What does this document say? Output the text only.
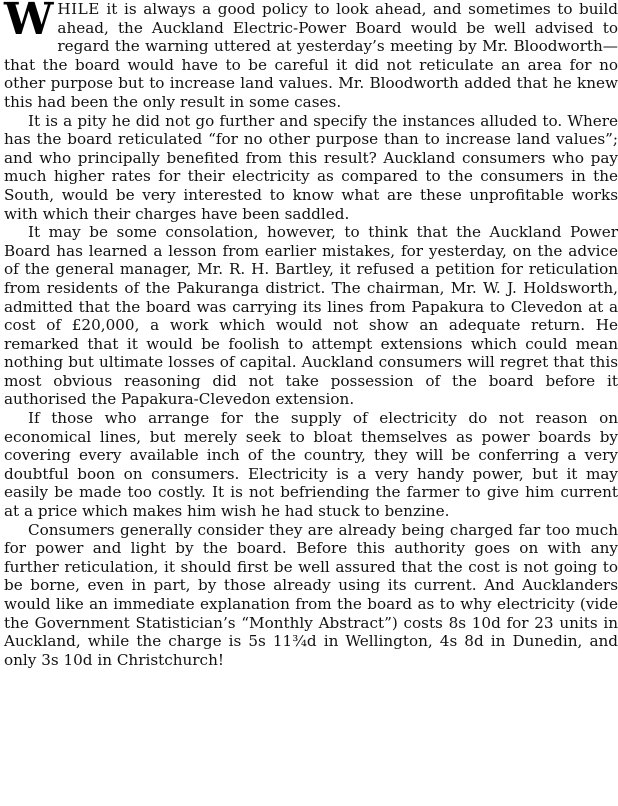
WHILE it is always a good policy to look ahead, and sometimes to build ahead, the Auckland Electric-Power Board would be well advised to regard the warning uttered at yesterday’s meeting by Mr. Bloodworth—that the board would have to be careful it did not reticulate an area for no other purpose but to increase land values. Mr. Bloodworth added that he knew this had been the only result in some cases.

It is a pity he did not go further and specify the instances alluded to. Where has the board reticulated “for no other purpose than to increase land values”; and who principally benefited from this result? Auckland consumers who pay much higher rates for their electricity as compared to the consumers in the South, would be very interested to know what are these unprofitable works with which their charges have been saddled.

It may be some consolation, however, to think that the Auckland Power Board has learned a lesson from earlier mistakes, for yesterday, on the advice of the general manager, Mr. R. H. Bartley, it refused a petition for reticulation from residents of the Pakuranga district. The chairman, Mr. W. J. Holdsworth, admitted that the board was carrying its lines from Papakura to Clevedon at a cost of £20,000, a work which would not show an adequate return. He remarked that it would be foolish to attempt extensions which could mean nothing but ultimate losses of capital. Auckland consumers will regret that this most obvious reasoning did not take possession of the board before it authorised the Papakura-Clevedon extension.

If those who arrange for the supply of electricity do not reason on economical lines, but merely seek to bloat themselves as power boards by covering every available inch of the country, they will be conferring a very doubtful boon on consumers. Electricity is a very handy power, but it may easily be made too costly. It is not befriending the farmer to give him current at a price which makes him wish he had stuck to benzine.

Consumers generally consider they are already being charged far too much for power and light by the board. Before this authority goes on with any further reticulation, it should first be well assured that the cost is not going to be borne, even in part, by those already using its current. And Aucklanders would like an immediate explanation from the board as to why electricity (vide the Government Statistician’s “Monthly Abstract”) costs 8s 10d for 23 units in Auckland, while the charge is 5s 11¾d in Wellington, 4s 8d in Dunedin, and only 3s 10d in Christchurch!
